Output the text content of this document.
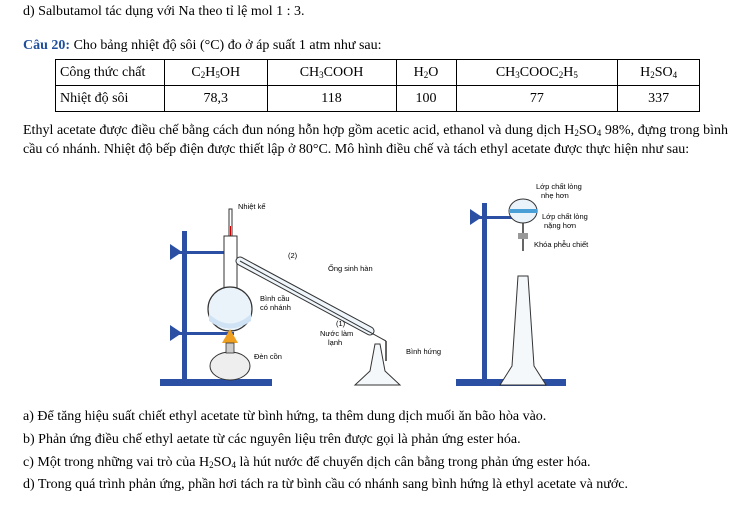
d) Salbutamol tác dụng với Na theo tỉ lệ mol 1 : 3.
Câu 20: Cho bảng nhiệt độ sôi (°C) đo ở áp suất 1 atm như sau:
Công thức chất	$C_2H_5OH$	$CH_3COOH$	$H_2O$	$CH_3COOC_2H_5$	$H_2SO_4$
Nhiệt độ sôi	78,3	118	100	77	337
Ethyl acetate được điều chế bằng cách đun nóng hỗn hợp gồm acetic acid, ethanol và dung dịch $H_2SO_4$ 98%, đựng trong bình cầu có nhánh. Nhiệt độ bếp điện được thiết lập ở 80°C. Mô hình điều chế và tách ethyl acetate được thực hiện như sau:
Nhiệt kế
(2)
Ống sinh hàn
Bình cầu
có nhánh
(1)
Nước làm
lạnh
Đèn cồn
Bình hứng
Lớp chất lỏng
nhẹ hơn
Lớp chất lỏng
nặng hơn
Khóa phễu chiết
a) Để tăng hiệu suất chiết ethyl acetate từ bình hứng, ta thêm dung dịch muối ăn bão hòa vào.
b) Phản ứng điều chế ethyl aetate từ các nguyên liệu trên được gọi là phản ứng ester hóa.
c) Một trong những vai trò của $H_2SO_4$ là hút nước để chuyển dịch cân bằng trong phản ứng ester hóa.
d) Trong quá trình phản ứng, phần hơi tách ra từ bình cầu có nhánh sang bình hứng là ethyl acetate và nước.
